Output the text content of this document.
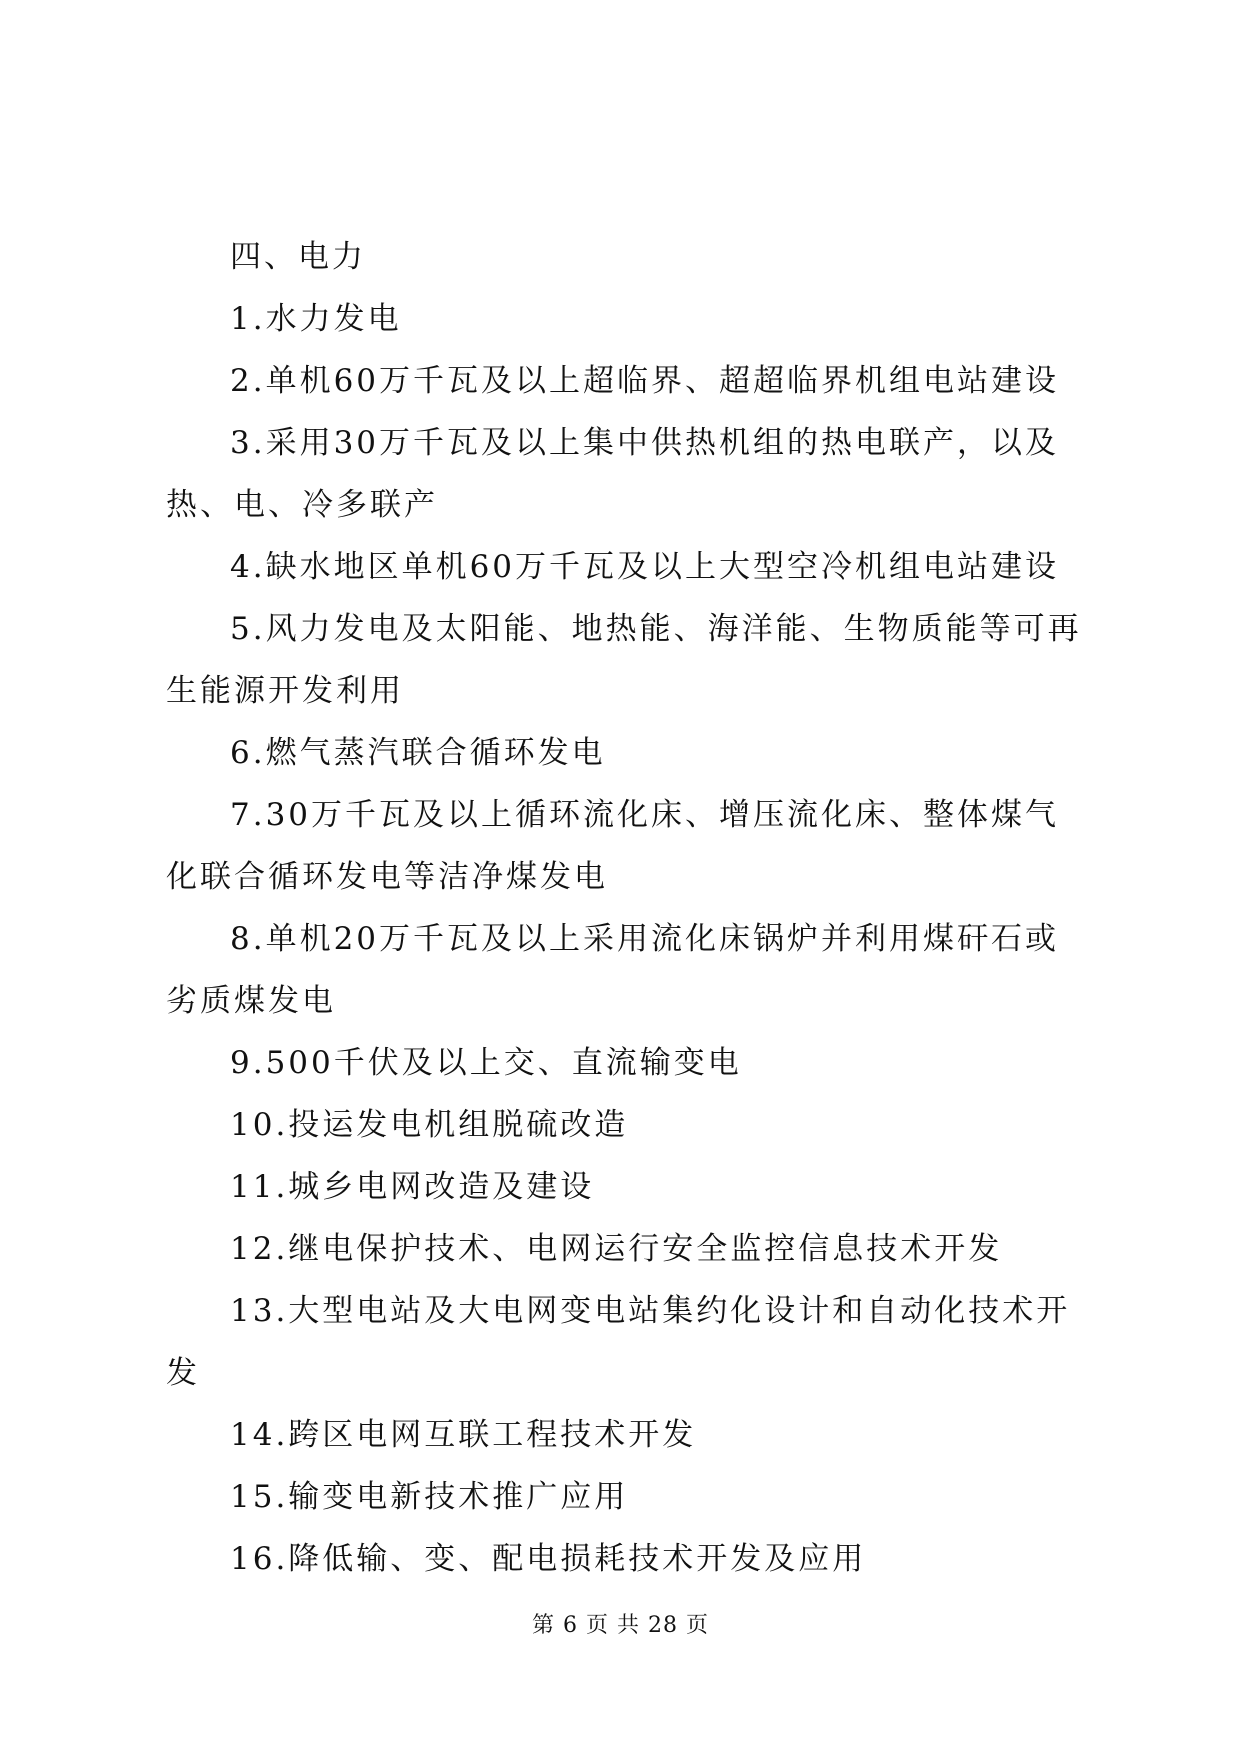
四、电力

1.水力发电

2.单机60万千瓦及以上超临界、超超临界机组电站建设

3.采用30万千瓦及以上集中供热机组的热电联产，以及热、电、冷多联产

4.缺水地区单机60万千瓦及以上大型空冷机组电站建设

5.风力发电及太阳能、地热能、海洋能、生物质能等可再生能源开发利用

6.燃气蒸汽联合循环发电

7.30万千瓦及以上循环流化床、增压流化床、整体煤气化联合循环发电等洁净煤发电

8.单机20万千瓦及以上采用流化床锅炉并利用煤矸石或劣质煤发电

9.500千伏及以上交、直流输变电

10.投运发电机组脱硫改造

11.城乡电网改造及建设

12.继电保护技术、电网运行安全监控信息技术开发

13.大型电站及大电网变电站集约化设计和自动化技术开发

14.跨区电网互联工程技术开发

15.输变电新技术推广应用

16.降低输、变、配电损耗技术开发及应用

第 6 页 共 28 页
